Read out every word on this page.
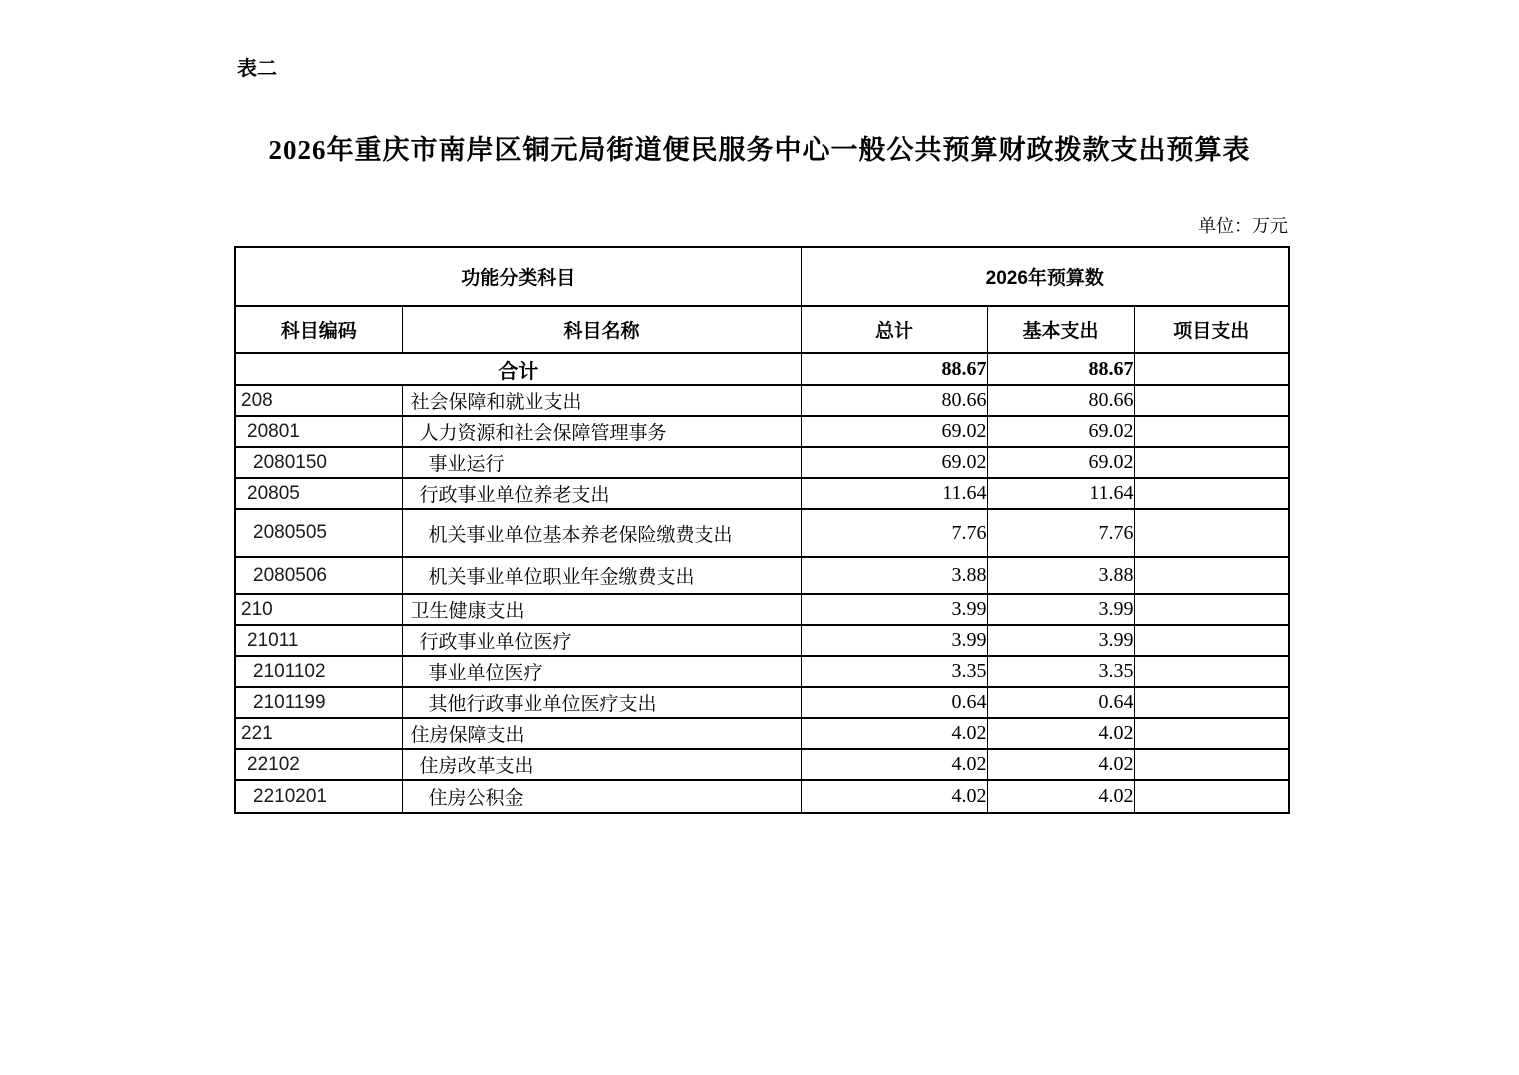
表二
2026年重庆市南岸区铜元局街道便民服务中心一般公共预算财政拨款支出预算表
单位：万元
功能分类科目		2026年预算数		
科目编码	科目名称	总计	基本支出	项目支出
合计		88.67	88.67	
208	社会保障和就业支出	80.66	80.66	
20801	人力资源和社会保障管理事务	69.02	69.02	
2080150	事业运行	69.02	69.02	
20805	行政事业单位养老支出	11.64	11.64	
2080505	机关事业单位基本养老保险缴费支出	7.76	7.76	
2080506	机关事业单位职业年金缴费支出	3.88	3.88	
210	卫生健康支出	3.99	3.99	
21011	行政事业单位医疗	3.99	3.99	
2101102	事业单位医疗	3.35	3.35	
2101199	其他行政事业单位医疗支出	0.64	0.64	
221	住房保障支出	4.02	4.02	
22102	住房改革支出	4.02	4.02	
2210201	住房公积金	4.02	4.02	
